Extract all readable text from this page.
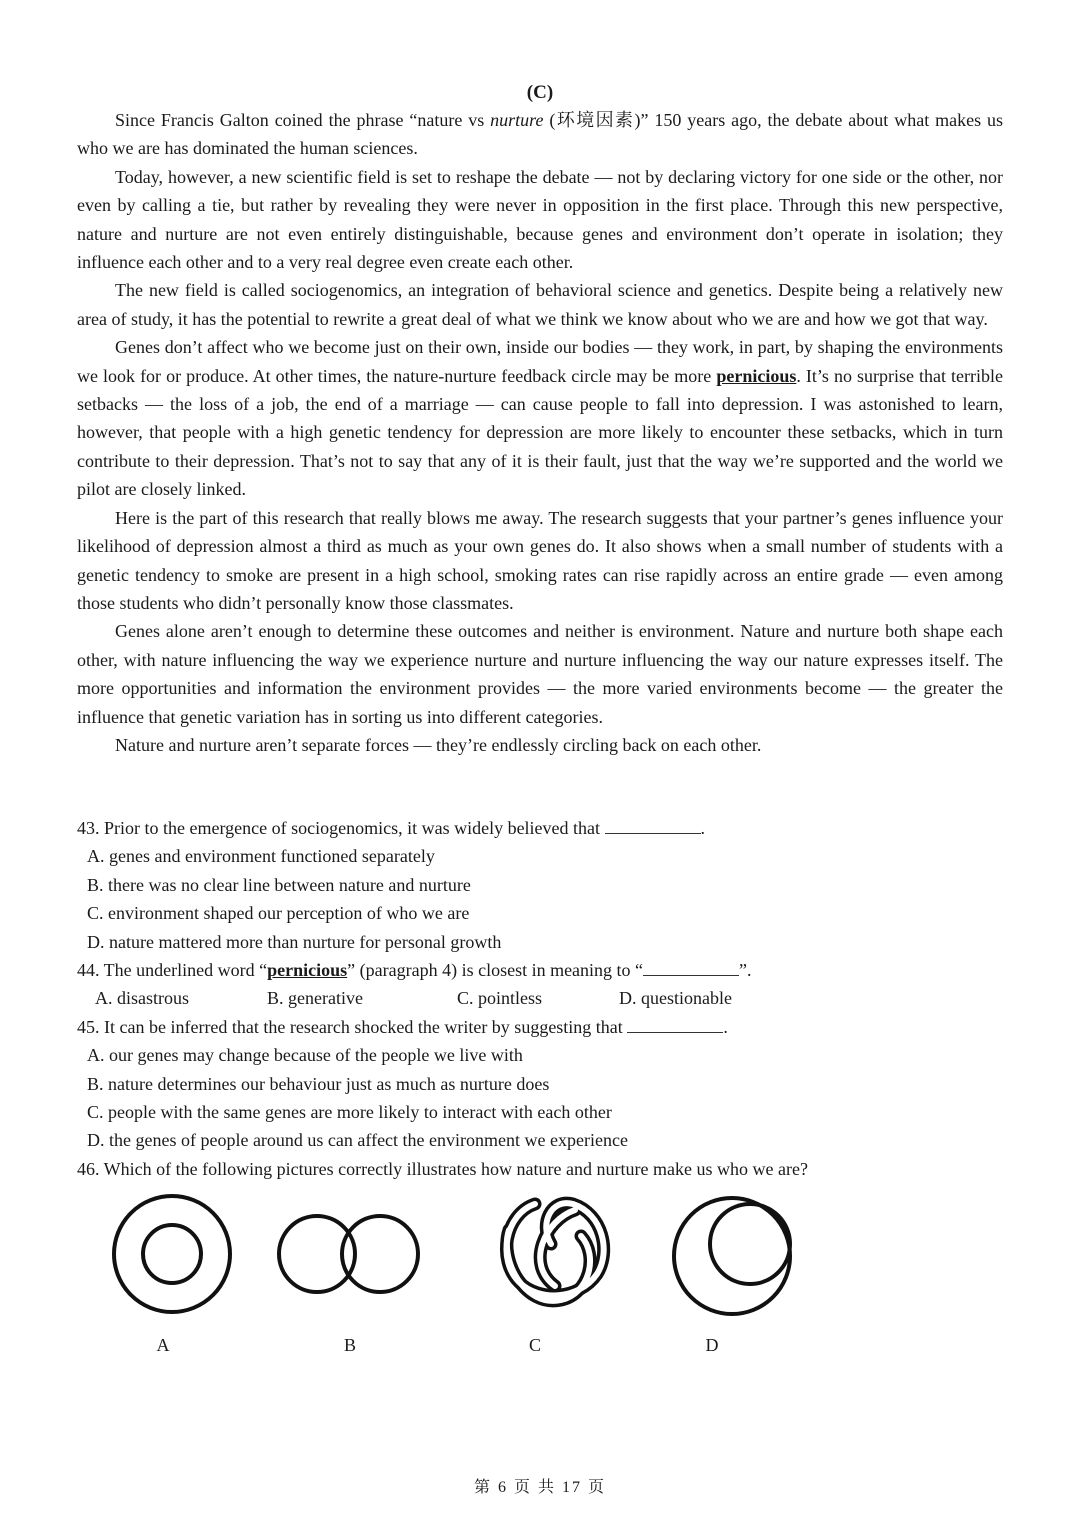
(C)

Since Francis Galton coined the phrase “nature vs nurture (环境因素)” 150 years ago, the debate about what makes us who we are has dominated the human sciences.

Today, however, a new scientific field is set to reshape the debate — not by declaring victory for one side or the other, nor even by calling a tie, but rather by revealing they were never in opposition in the first place. Through this new perspective, nature and nurture are not even entirely distinguishable, because genes and environment don’t operate in isolation; they influence each other and to a very real degree even create each other.

The new field is called sociogenomics, an integration of behavioral science and genetics. Despite being a relatively new area of study, it has the potential to rewrite a great deal of what we think we know about who we are and how we got that way.

Genes don’t affect who we become just on their own, inside our bodies — they work, in part, by shaping the environments we look for or produce. At other times, the nature-nurture feedback circle may be more pernicious. It’s no surprise that terrible setbacks — the loss of a job, the end of a marriage — can cause people to fall into depression. I was astonished to learn, however, that people with a high genetic tendency for depression are more likely to encounter these setbacks, which in turn contribute to their depression. That’s not to say that any of it is their fault, just that the way we’re supported and the world we pilot are closely linked.

Here is the part of this research that really blows me away. The research suggests that your partner’s genes influence your likelihood of depression almost a third as much as your own genes do. It also shows when a small number of students with a genetic tendency to smoke are present in a high school, smoking rates can rise rapidly across an entire grade — even among those students who didn’t personally know those classmates.

Genes alone aren’t enough to determine these outcomes and neither is environment. Nature and nurture both shape each other, with nature influencing the way we experience nurture and nurture influencing the way our nature expresses itself. The more opportunities and information the environment provides — the more varied environments become — the greater the influence that genetic variation has in sorting us into different categories.

Nature and nurture aren’t separate forces — they’re endlessly circling back on each other.

43. Prior to the emergence of sociogenomics, it was widely believed that	.

A. genes and environment functioned separately

B. there was no clear line between nature and nurture

C. environment shaped our perception of who we are

D. nature mattered more than nurture for personal growth

44. The underlined word “pernicious” (paragraph 4) is closest in meaning to “	”.

A. disastrous	B. generative	C. pointless	D. questionable

45. It can be inferred that the research shocked the writer by suggesting that	.

A. our genes may change because of the people we live with

B. nature determines our behaviour just as much as nurture does

C. people with the same genes are more likely to interact with each other

D. the genes of people around us can affect the environment we experience

46. Which of the following pictures correctly illustrates how nature and nurture make us who we are?

A	B	C	D
第 6 页 共 17 页
